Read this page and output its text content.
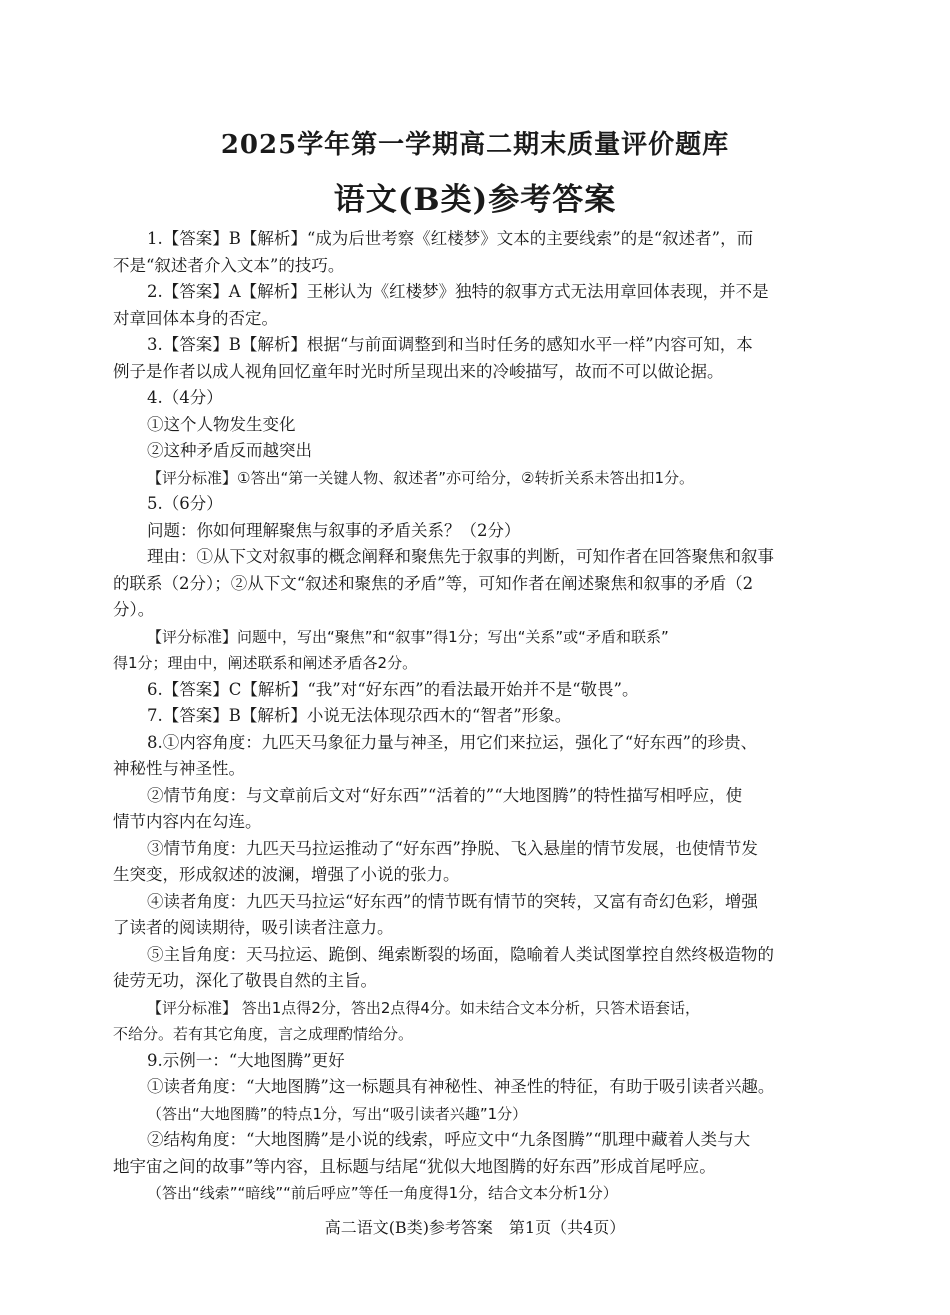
2025学年第一学期高二期末质量评价题库
语文(B类)参考答案
1.【答案】B【解析】“成为后世考察《红楼梦》文本的主要线索”的是“叙述者”，而
不是“叙述者介入文本”的技巧。
2.【答案】A【解析】王彬认为《红楼梦》独特的叙事方式无法用章回体表现，并不是
对章回体本身的否定。
3.【答案】B【解析】根据“与前面调整到和当时任务的感知水平一样”内容可知，本
例子是作者以成人视角回忆童年时光时所呈现出来的冷峻描写，故而不可以做论据。
4.（4分）
①这个人物发生变化
②这种矛盾反而越突出
【评分标准】①答出“第一关键人物、叙述者”亦可给分，②转折关系未答出扣1分。
5.（6分）
问题：你如何理解聚焦与叙事的矛盾关系？（2分）
理由：①从下文对叙事的概念阐释和聚焦先于叙事的判断，可知作者在回答聚焦和叙事
的联系（2分）；②从下文“叙述和聚焦的矛盾”等，可知作者在阐述聚焦和叙事的矛盾（2
分）。
【评分标准】问题中，写出“聚焦”和“叙事”得1分；写出“关系”或“矛盾和联系”
得1分；理由中，阐述联系和阐述矛盾各2分。
6.【答案】C【解析】“我”对“好东西”的看法最开始并不是“敬畏”。
7.【答案】B【解析】小说无法体现尕西木的“智者”形象。
8.①内容角度：九匹天马象征力量与神圣，用它们来拉运，强化了“好东西”的珍贵、
神秘性与神圣性。
②情节角度：与文章前后文对“好东西”“活着的”“大地图腾”的特性描写相呼应，使
情节内容内在勾连。
③情节角度：九匹天马拉运推动了“好东西”挣脱、飞入悬崖的情节发展，也使情节发
生突变，形成叙述的波澜，增强了小说的张力。
④读者角度：九匹天马拉运“好东西”的情节既有情节的突转，又富有奇幻色彩，增强
了读者的阅读期待，吸引读者注意力。
⑤主旨角度：天马拉运、跪倒、绳索断裂的场面，隐喻着人类试图掌控自然终极造物的
徒劳无功，深化了敬畏自然的主旨。
【评分标准】 答出1点得2分，答出2点得4分。如未结合文本分析，只答术语套话，
不给分。若有其它角度，言之成理酌情给分。
9.示例一：“大地图腾”更好
①读者角度：“大地图腾”这一标题具有神秘性、神圣性的特征，有助于吸引读者兴趣。
（答出“大地图腾”的特点1分，写出“吸引读者兴趣”1分）
②结构角度：“大地图腾”是小说的线索，呼应文中“九条图腾”“肌理中藏着人类与大
地宇宙之间的故事”等内容，且标题与结尾“犹似大地图腾的好东西”形成首尾呼应。
（答出“线索”“暗线”“前后呼应”等任一角度得1分，结合文本分析1分）
高二语文(B类)参考答案　第1页（共4页）
